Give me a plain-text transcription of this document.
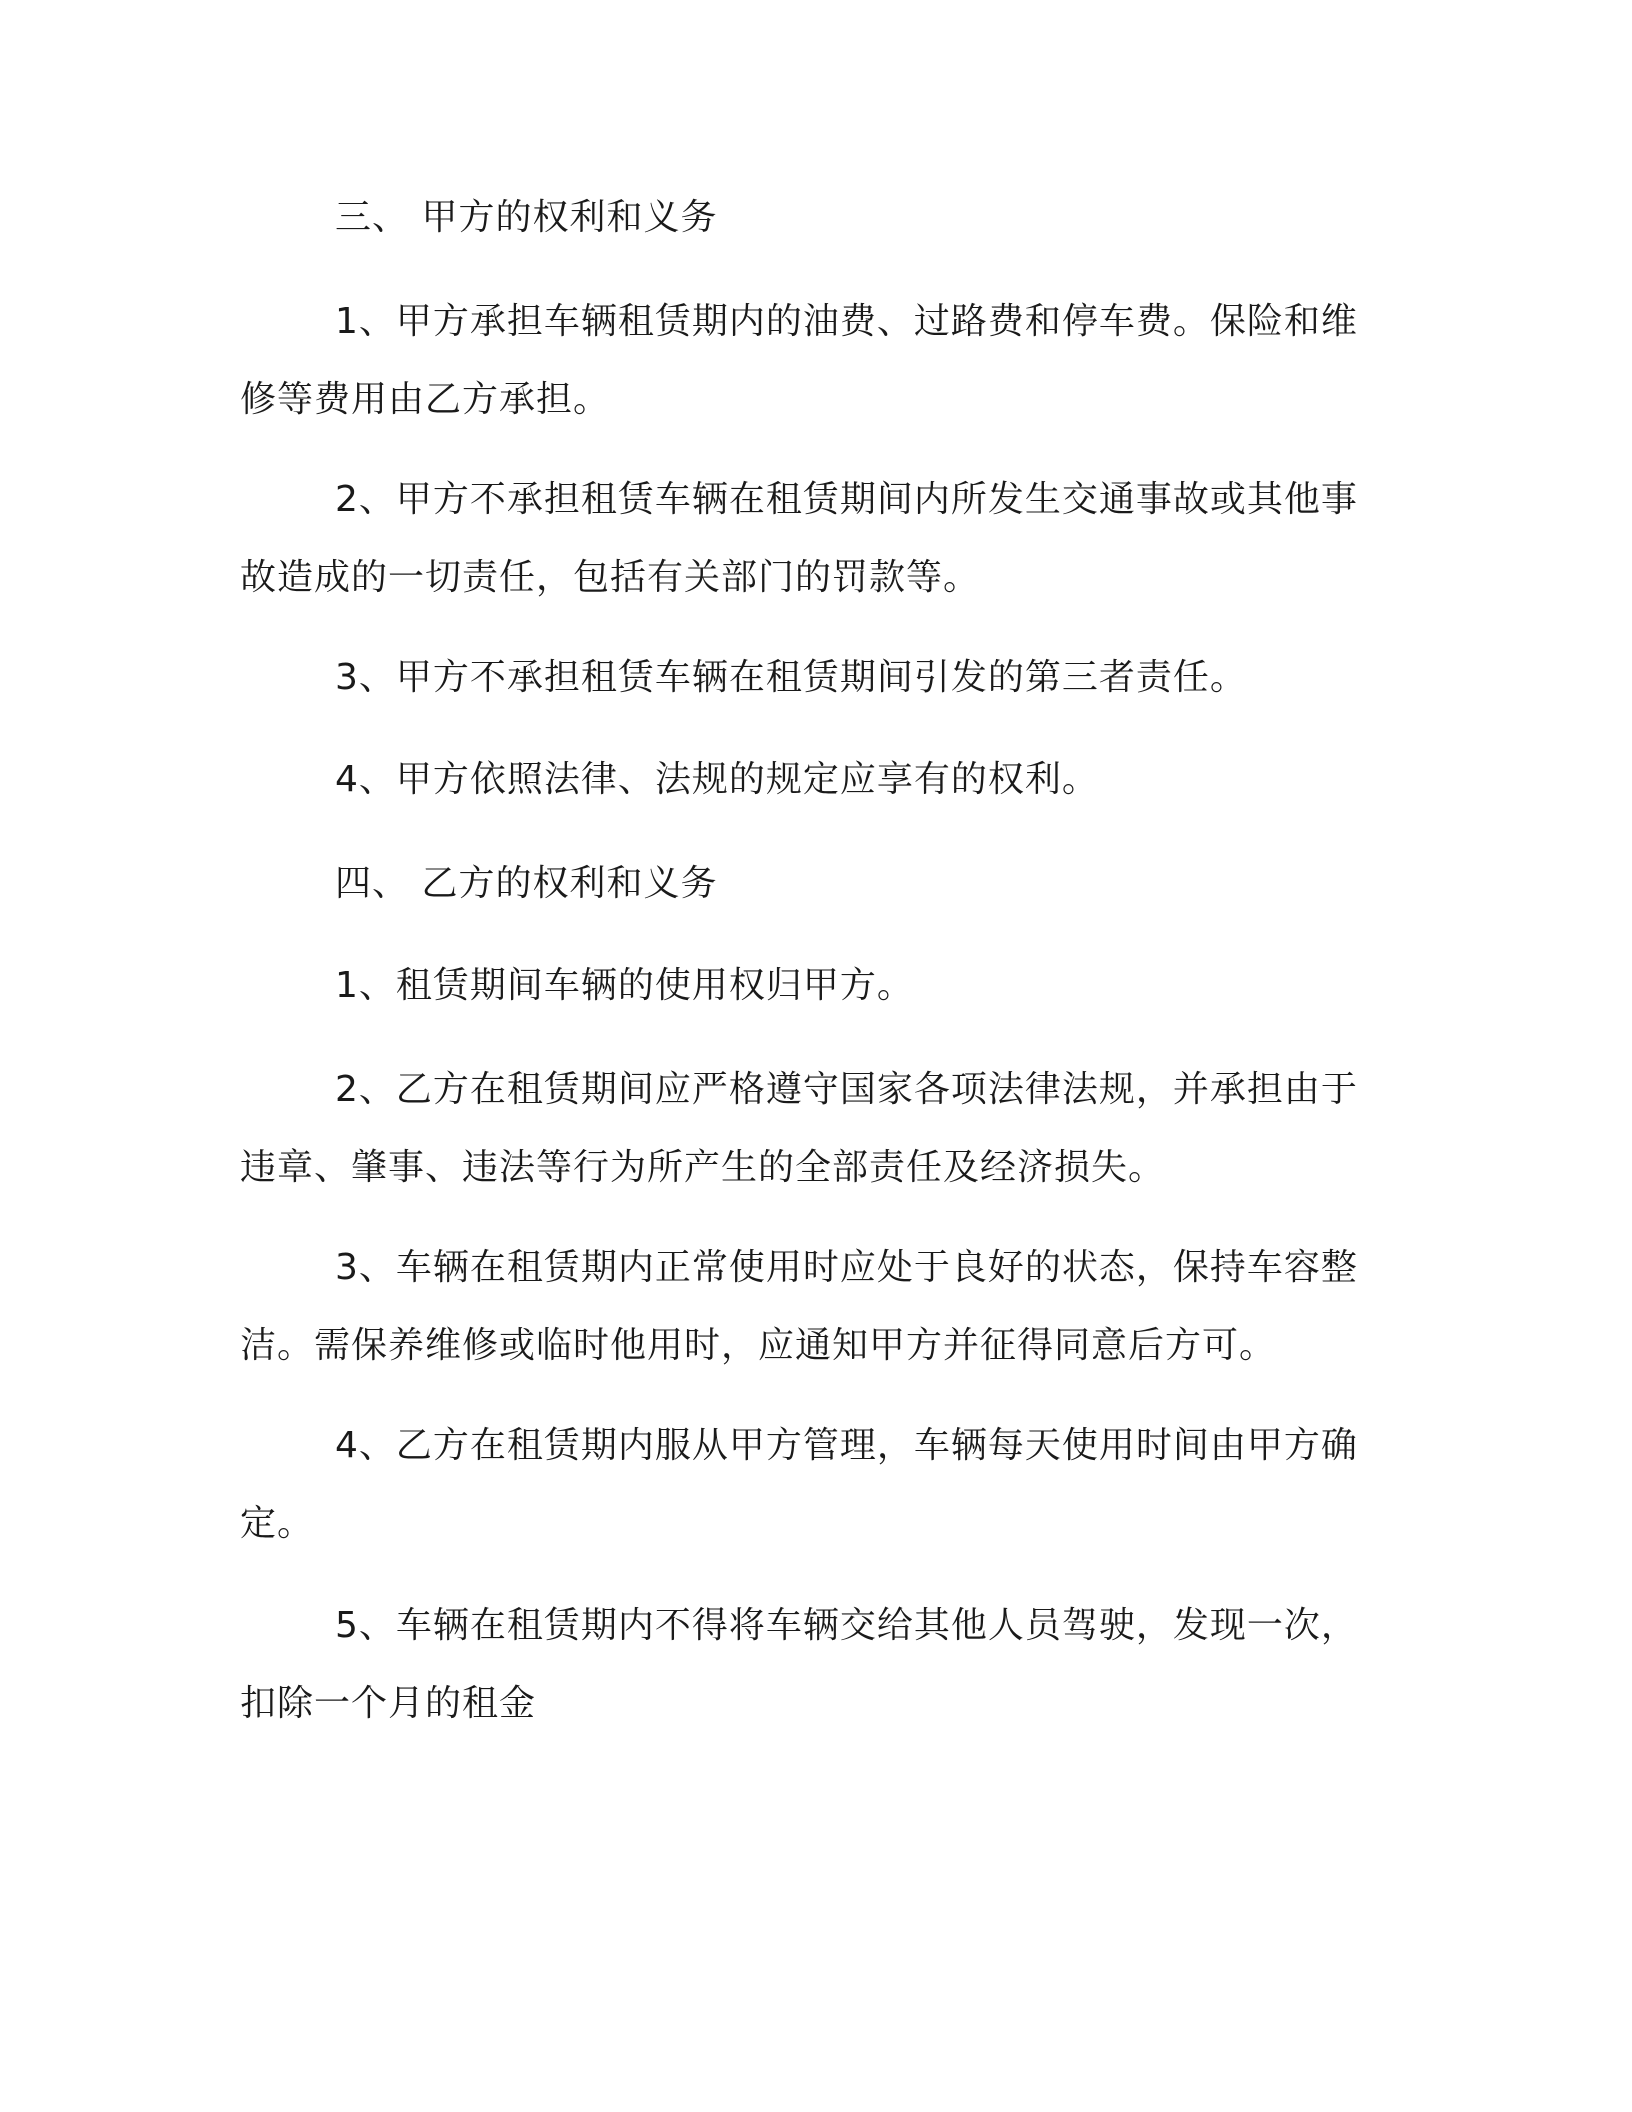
三、 甲方的权利和义务
1、甲方承担车辆租赁期内的油费、过路费和停车费。保险和维
修等费用由乙方承担。
2、甲方不承担租赁车辆在租赁期间内所发生交通事故或其他事
故造成的一切责任，包括有关部门的罚款等。
3、甲方不承担租赁车辆在租赁期间引发的第三者责任。
4、甲方依照法律、法规的规定应享有的权利。
四、 乙方的权利和义务
1、租赁期间车辆的使用权归甲方。
2、乙方在租赁期间应严格遵守国家各项法律法规，并承担由于
违章、肇事、违法等行为所产生的全部责任及经济损失。
3、车辆在租赁期内正常使用时应处于良好的状态，保持车容整
洁。需保养维修或临时他用时，应通知甲方并征得同意后方可。
4、乙方在租赁期内服从甲方管理，车辆每天使用时间由甲方确
定。
5、车辆在租赁期内不得将车辆交给其他人员驾驶，发现一次，
扣除一个月的租金
